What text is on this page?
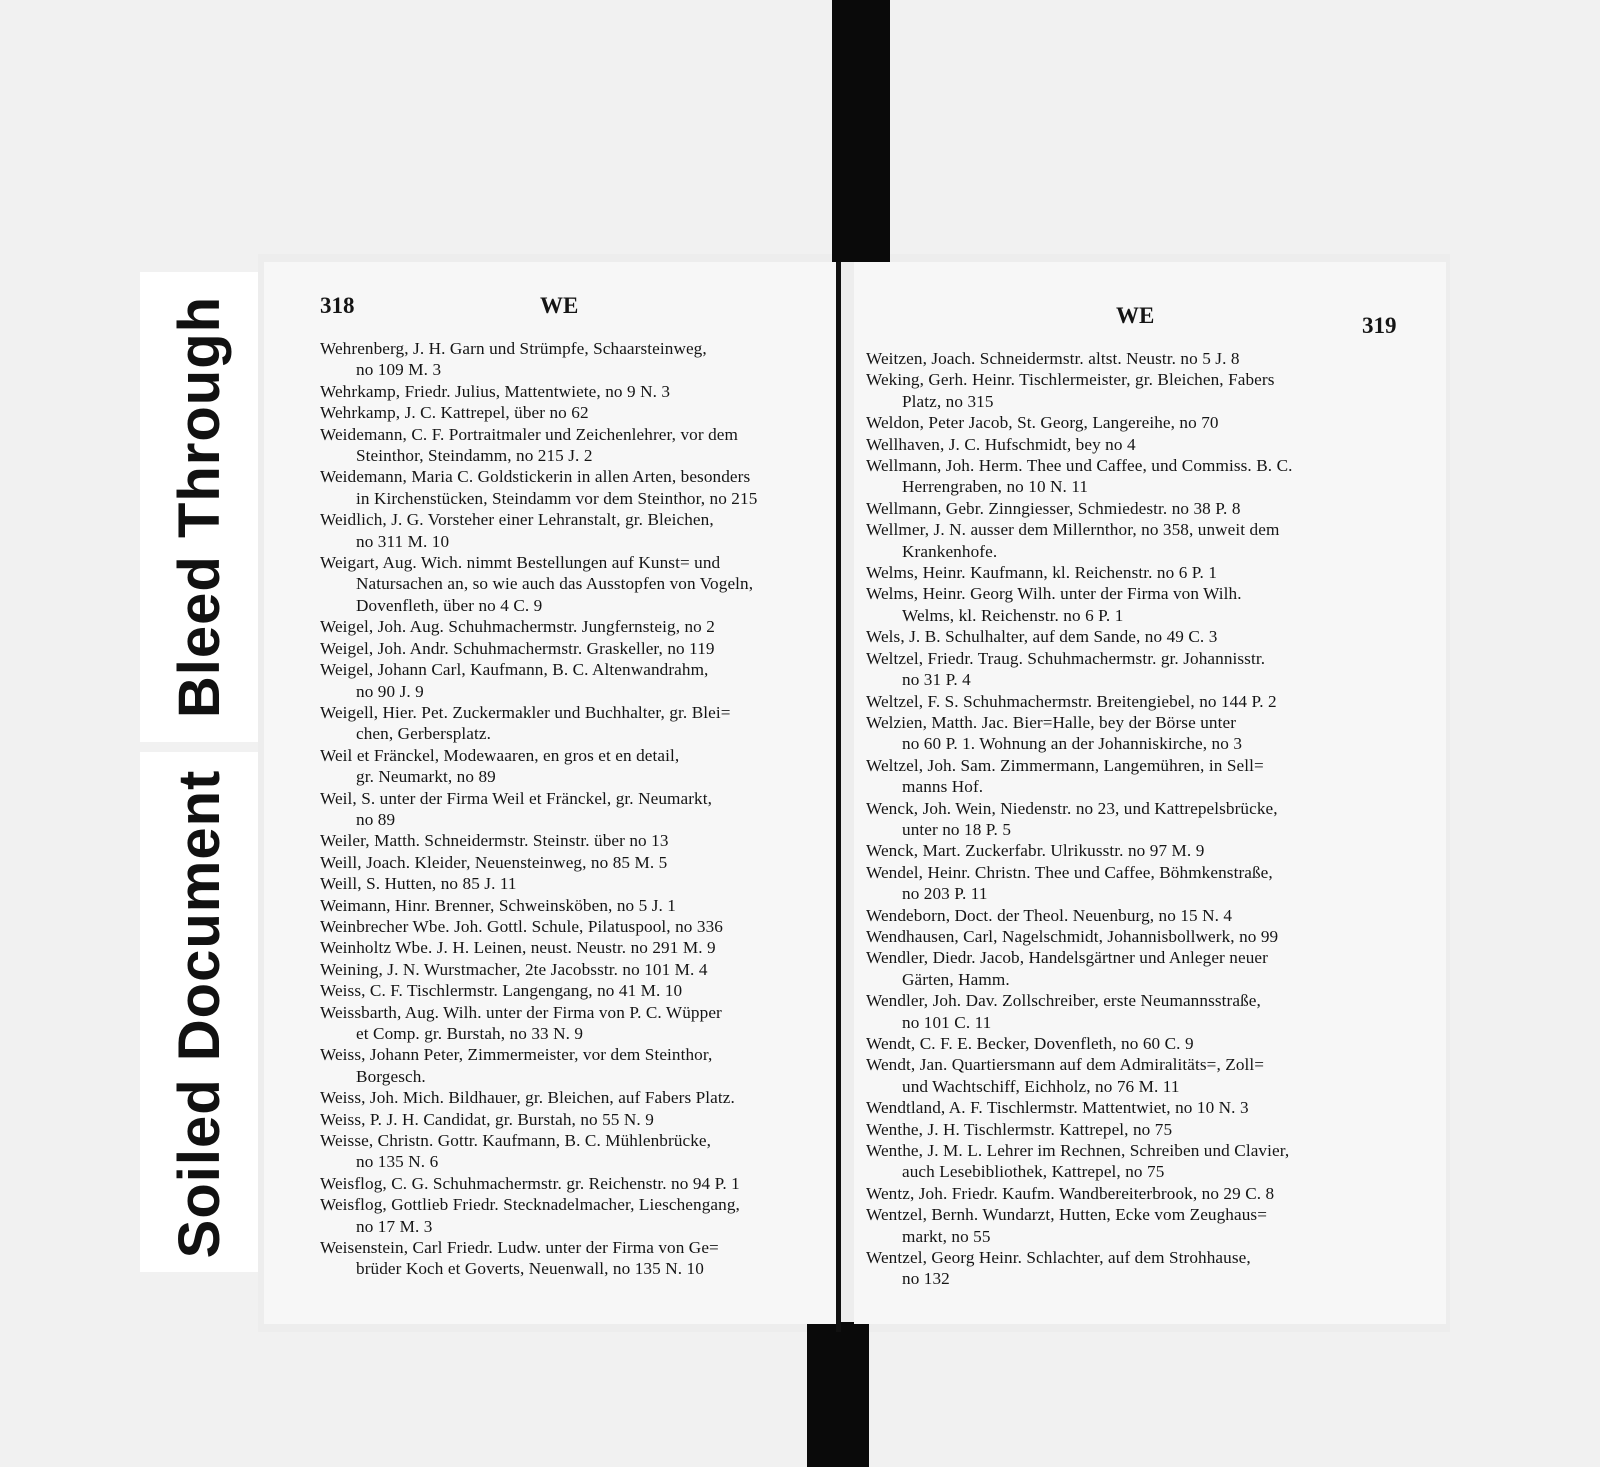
Bleed Through
Soiled Document
318	WE
Wehrenberg, J. H. Garn und Strümpfe, Schaarsteinweg,
no 109 M. 3
Wehrkamp, Friedr. Julius, Mattentwiete, no 9 N. 3
Wehrkamp, J. C. Kattrepel, über no 62
Weidemann, C. F. Portraitmaler und Zeichenlehrer, vor dem
Steinthor, Steindamm, no 215 J. 2
Weidemann, Maria C. Goldstickerin in allen Arten, besonders
in Kirchenstücken, Steindamm vor dem Steinthor, no 215
Weidlich, J. G. Vorsteher einer Lehranstalt, gr. Bleichen,
no 311 M. 10
Weigart, Aug. Wich. nimmt Bestellungen auf Kunst= und
Natursachen an, so wie auch das Ausstopfen von Vogeln,
Dovenfleth, über no 4 C. 9
Weigel, Joh. Aug. Schuhmachermstr. Jungfernsteig, no 2
Weigel, Joh. Andr. Schuhmachermstr. Graskeller, no 119
Weigel, Johann Carl, Kaufmann, B. C. Altenwandrahm,
no 90 J. 9
Weigell, Hier. Pet. Zuckermakler und Buchhalter, gr. Blei=
chen, Gerbersplatz.
Weil et Fränckel, Modewaaren, en gros et en detail,
gr. Neumarkt, no 89
Weil, S. unter der Firma Weil et Fränckel, gr. Neumarkt,
no 89
Weiler, Matth. Schneidermstr. Steinstr. über no 13
Weill, Joach. Kleider, Neuensteinweg, no 85 M. 5
Weill, S. Hutten, no 85 J. 11
Weimann, Hinr. Brenner, Schweinsköben, no 5 J. 1
Weinbrecher Wbe. Joh. Gottl. Schule, Pilatuspool, no 336
Weinholtz Wbe. J. H. Leinen, neust. Neustr. no 291 M. 9
Weining, J. N. Wurstmacher, 2te Jacobsstr. no 101 M. 4
Weiss, C. F. Tischlermstr. Langengang, no 41 M. 10
Weissbarth, Aug. Wilh. unter der Firma von P. C. Wüpper
et Comp. gr. Burstah, no 33 N. 9
Weiss, Johann Peter, Zimmermeister, vor dem Steinthor,
Borgesch.
Weiss, Joh. Mich. Bildhauer, gr. Bleichen, auf Fabers Platz.
Weiss, P. J. H. Candidat, gr. Burstah, no 55 N. 9
Weisse, Christn. Gottr. Kaufmann, B. C. Mühlenbrücke,
no 135 N. 6
Weisflog, C. G. Schuhmachermstr. gr. Reichenstr. no 94 P. 1
Weisflog, Gottlieb Friedr. Stecknadelmacher, Lieschengang,
no 17 M. 3
Weisenstein, Carl Friedr. Ludw. unter der Firma von Ge=
brüder Koch et Goverts, Neuenwall, no 135 N. 10
WE	319
Weitzen, Joach. Schneidermstr. altst. Neustr. no 5 J. 8
Weking, Gerh. Heinr. Tischlermeister, gr. Bleichen, Fabers
Platz, no 315
Weldon, Peter Jacob, St. Georg, Langereihe, no 70
Wellhaven, J. C. Hufschmidt, bey no 4
Wellmann, Joh. Herm. Thee und Caffee, und Commiss. B. C.
Herrengraben, no 10 N. 11
Wellmann, Gebr. Zinngiesser, Schmiedestr. no 38 P. 8
Wellmer, J. N. ausser dem Millernthor, no 358, unweit dem
Krankenhofe.
Welms, Heinr. Kaufmann, kl. Reichenstr. no 6 P. 1
Welms, Heinr. Georg Wilh. unter der Firma von Wilh.
Welms, kl. Reichenstr. no 6 P. 1
Wels, J. B. Schulhalter, auf dem Sande, no 49 C. 3
Weltzel, Friedr. Traug. Schuhmachermstr. gr. Johannisstr.
no 31 P. 4
Weltzel, F. S. Schuhmachermstr. Breitengiebel, no 144 P. 2
Welzien, Matth. Jac. Bier=Halle, bey der Börse unter
no 60 P. 1. Wohnung an der Johanniskirche, no 3
Weltzel, Joh. Sam. Zimmermann, Langemühren, in Sell=
manns Hof.
Wenck, Joh. Wein, Niedenstr. no 23, und Kattrepelsbrücke,
unter no 18 P. 5
Wenck, Mart. Zuckerfabr. Ulrikusstr. no 97 M. 9
Wendel, Heinr. Christn. Thee und Caffee, Böhmkenstraße,
no 203 P. 11
Wendeborn, Doct. der Theol. Neuenburg, no 15 N. 4
Wendhausen, Carl, Nagelschmidt, Johannisbollwerk, no 99
Wendler, Diedr. Jacob, Handelsgärtner und Anleger neuer
Gärten, Hamm.
Wendler, Joh. Dav. Zollschreiber, erste Neumannsstraße,
no 101 C. 11
Wendt, C. F. E. Becker, Dovenfleth, no 60 C. 9
Wendt, Jan. Quartiersmann auf dem Admiralitäts=, Zoll=
und Wachtschiff, Eichholz, no 76 M. 11
Wendtland, A. F. Tischlermstr. Mattentwiet, no 10 N. 3
Wenthe, J. H. Tischlermstr. Kattrepel, no 75
Wenthe, J. M. L. Lehrer im Rechnen, Schreiben und Clavier,
auch Lesebibliothek, Kattrepel, no 75
Wentz, Joh. Friedr. Kaufm. Wandbereiterbrook, no 29 C. 8
Wentzel, Bernh. Wundarzt, Hutten, Ecke vom Zeughaus=
markt, no 55
Wentzel, Georg Heinr. Schlachter, auf dem Strohhause,
no 132
